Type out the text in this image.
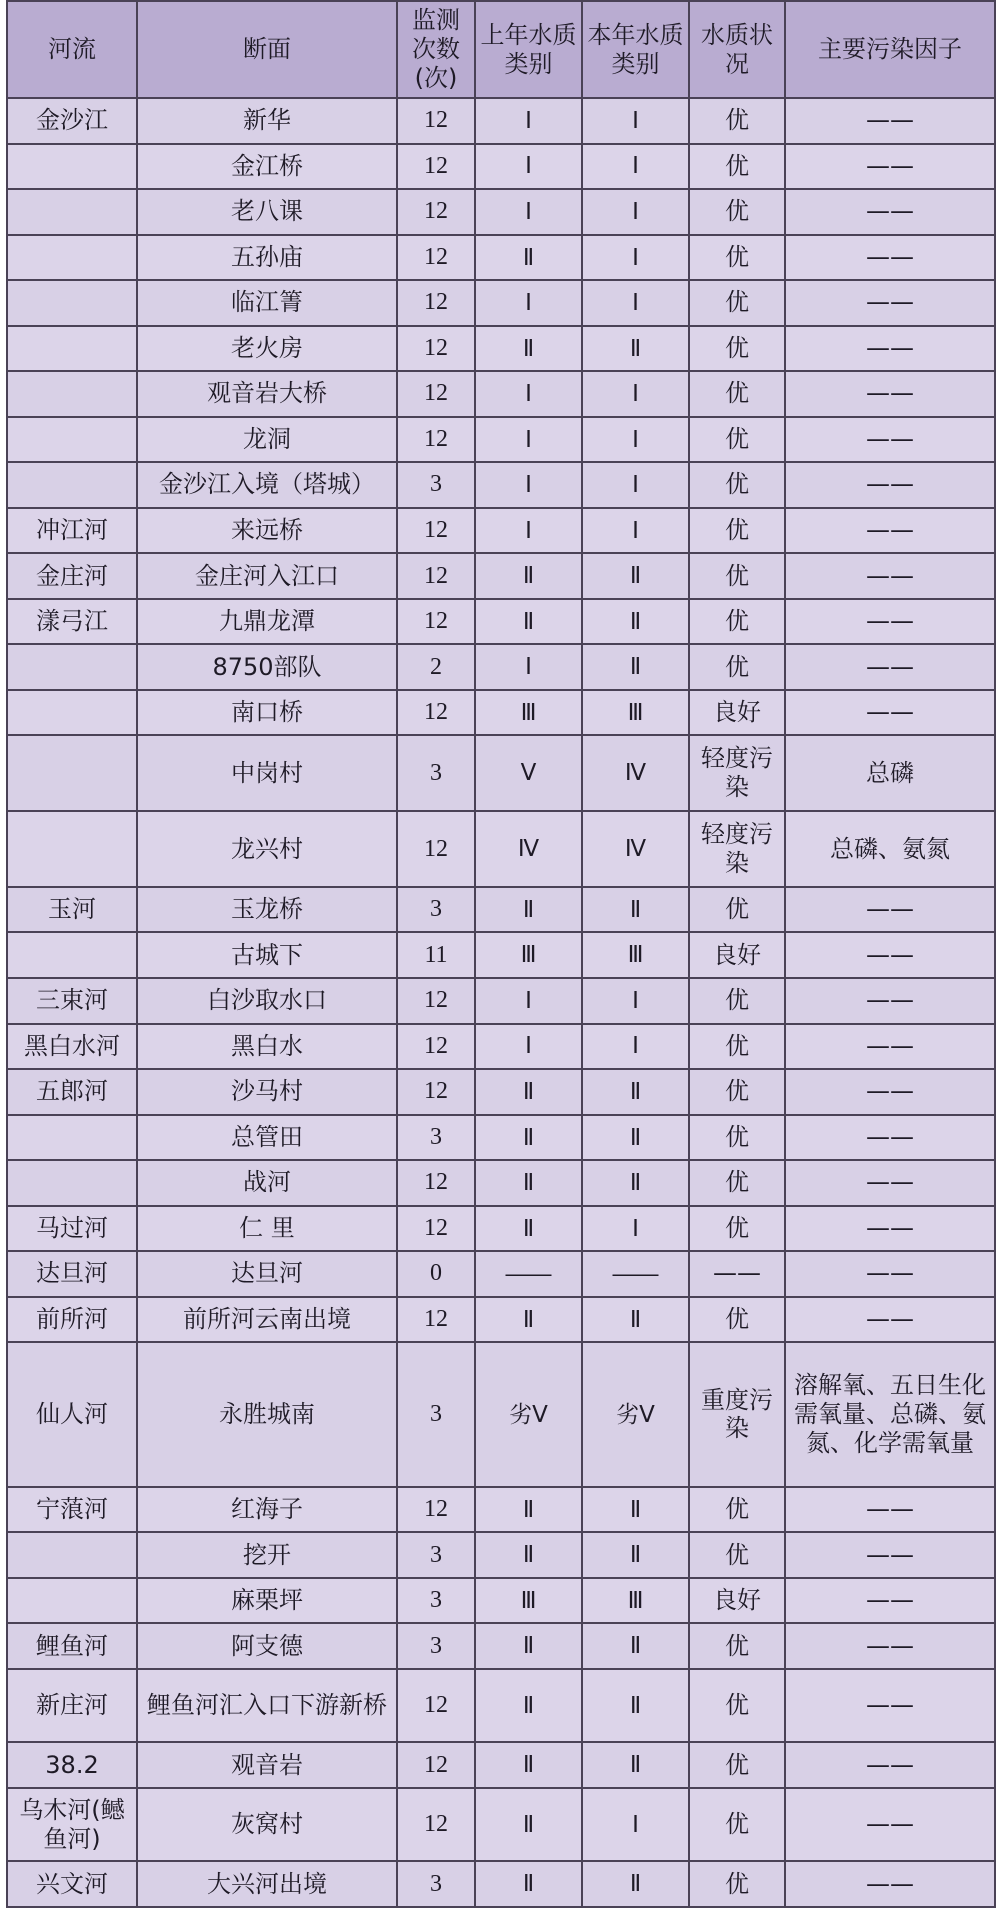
河流	断面	监测次数(次)	上年水质类别	本年水质类别	水质状况	主要污染因子
金沙江	新华	12	Ⅰ	Ⅰ	优	——
	金江桥	12	Ⅰ	Ⅰ	优	——
	老八课	12	Ⅰ	Ⅰ	优	——
	五孙庙	12	Ⅱ	Ⅰ	优	——
	临江箐	12	Ⅰ	Ⅰ	优	——
	老火房	12	Ⅱ	Ⅱ	优	——
	观音岩大桥	12	Ⅰ	Ⅰ	优	——
	龙洞	12	Ⅰ	Ⅰ	优	——
	金沙江入境（塔城）	3	Ⅰ	Ⅰ	优	——
冲江河	来远桥	12	Ⅰ	Ⅰ	优	——
金庄河	金庄河入江口	12	Ⅱ	Ⅱ	优	——
漾弓江	九鼎龙潭	12	Ⅱ	Ⅱ	优	——
	8750部队	2	Ⅰ	Ⅱ	优	——
	南口桥	12	Ⅲ	Ⅲ	良好	——
	中岗村	3	Ⅴ	Ⅳ	轻度污染	总磷
	龙兴村	12	Ⅳ	Ⅳ	轻度污染	总磷、氨氮
玉河	玉龙桥	3	Ⅱ	Ⅱ	优	——
	古城下	11	Ⅲ	Ⅲ	良好	——
三束河	白沙取水口	12	Ⅰ	Ⅰ	优	——
黑白水河	黑白水	12	Ⅰ	Ⅰ	优	——
五郎河	沙马村	12	Ⅱ	Ⅱ	优	——
	总管田	3	Ⅱ	Ⅱ	优	——
	战河	12	Ⅱ	Ⅱ	优	——
马过河	仁 里	12	Ⅱ	Ⅰ	优	——
达旦河	达旦河	0	——	——	——	——
前所河	前所河云南出境	12	Ⅱ	Ⅱ	优	——
仙人河	永胜城南	3	劣Ⅴ	劣Ⅴ	重度污染	溶解氧、五日生化需氧量、总磷、氨氮、化学需氧量
宁蒗河	红海子	12	Ⅱ	Ⅱ	优	——
	挖开	3	Ⅱ	Ⅱ	优	——
	麻栗坪	3	Ⅲ	Ⅲ	良好	——
鲤鱼河	阿支德	3	Ⅱ	Ⅱ	优	——
新庄河	鲤鱼河汇入口下游新桥	12	Ⅱ	Ⅱ	优	——
38.2	观音岩	12	Ⅱ	Ⅱ	优	——
乌木河(鳡鱼河)	灰窝村	12	Ⅱ	Ⅰ	优	——
兴文河	大兴河出境	3	Ⅱ	Ⅱ	优	——
